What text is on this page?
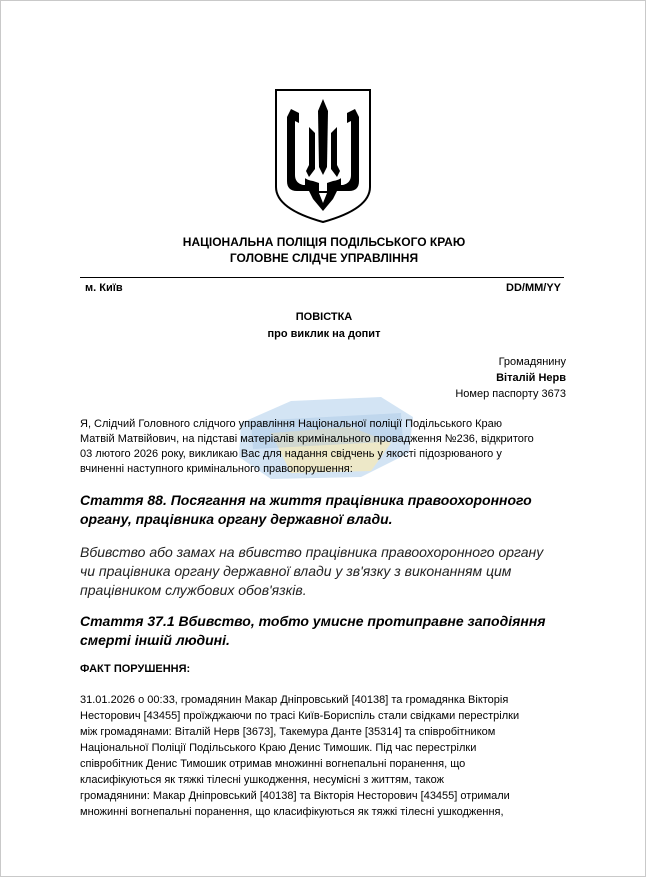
НАЦІОНАЛЬНА ПОЛІЦІЯ ПОДІЛЬСЬКОГО КРАЮ
ГОЛОВНЕ СЛІДЧЕ УПРАВЛІННЯ
м. Київ	DD/MM/YY
ПОВІСТКА
про виклик на допит
Громадянину
Віталій Нерв
Номер паспорту 3673
Я, Слідчий Головного слідчого управління Національної поліції Подільського Краю
Матвій Матвійович, на підставі матеріалів кримінального провадження №236, відкритого
03 лютого 2026 року, викликаю Вас для надання свідчень у якості підозрюваного у
вчиненні наступного кримінального правопорушення:
Стаття 88. Посягання на життя працівника правоохоронного
органу, працівника органу державної влади.
Вбивство або замах на вбивство працівника правоохоронного органу
чи працівника органу державної влади у зв'язку з виконанням цим
працівником службових обов'язків.
Стаття 37.1 Вбивство, тобто умисне протиправне заподіяння
смерті іншій людині.
ФАКТ ПОРУШЕННЯ:
31.01.2026 о 00:33, громадянин Макар Дніпровський [40138] та громадянка Вікторія
Несторович [43455] проїжджаючи по трасі Київ-Бориспіль стали свідками перестрілки
між громадянами: Віталій Нерв [3673], Такемура Данте [35314] та співробітником
Національної Поліції Подільського Краю Денис Тимошик. Під час перестрілки
співробітник Денис Тимошик отримав множинні вогнепальні поранення, що
класифікуються як тяжкі тілесні ушкодження, несумісні з життям, також
громадянини: Макар Дніпровський [40138] та Вікторія Несторович [43455] отримали
множинні вогнепальні поранення, що класифікуються як тяжкі тілесні ушкодження,
